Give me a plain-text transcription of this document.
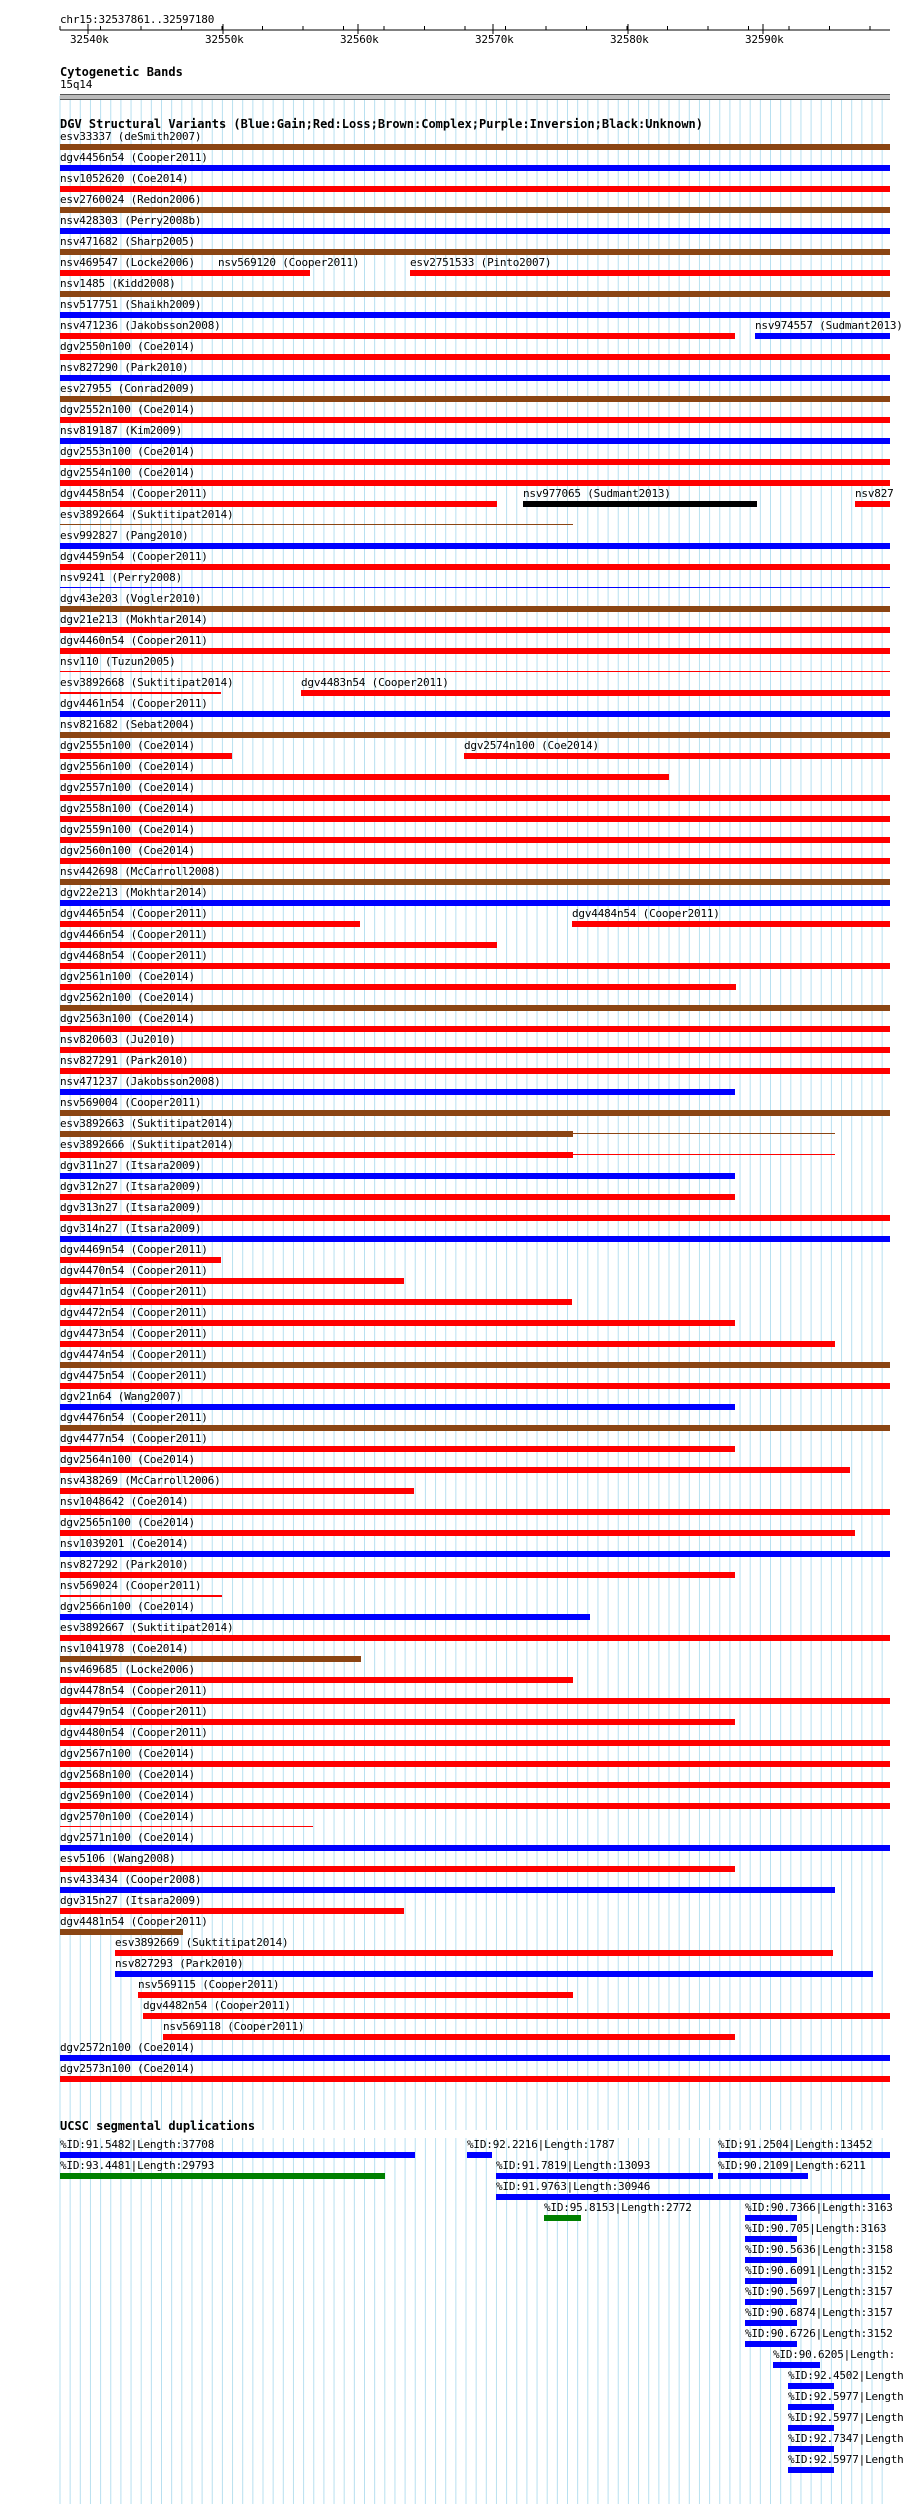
chr15:32537861..32597180
Cytogenetic Bands
15q14
DGV Structural Variants (Blue:Gain;Red:Loss;Brown:Complex;Purple:Inversion;Black:Unknown)
esv33337 (deSmith2007)
dgv4456n54 (Cooper2011)
nsv1052620 (Coe2014)
esv2760024 (Redon2006)
nsv428303 (Perry2008b)
nsv471682 (Sharp2005)
nsv469547 (Locke2006) nsv569120 (Cooper2011)	esv2751533 (Pinto2007)
nsv1485 (Kidd2008)
nsv517751 (Shaikh2009)
nsv471236 (Jakobsson2008)	nsv974557 (Sudmant2013)
dgv2550n100 (Coe2014)
nsv827290 (Park2010)
esv27955 (Conrad2009)
dgv2552n100 (Coe2014)
nsv819187 (Kim2009)
dgv2553n100 (Coe2014)
dgv2554n100 (Coe2014)
dgv4458n54 (Cooper2011)	nsv977065 (Sudmant2013)	nsv827
esv3892664 (Suktitipat2014)
esv992827 (Pang2010)
dgv4459n54 (Cooper2011)
nsv9241 (Perry2008)
dgv43e203 (Vogler2010)
dgv21e213 (Mokhtar2014)
dgv4460n54 (Cooper2011)
nsv110 (Tuzun2005)
esv3892668 (Suktitipat2014)	dgv4483n54 (Cooper2011)
dgv4461n54 (Cooper2011)
nsv821682 (Sebat2004)
dgv2555n100 (Coe2014)	dgv2574n100 (Coe2014)
dgv2556n100 (Coe2014)
dgv2557n100 (Coe2014)
dgv2558n100 (Coe2014)
dgv2559n100 (Coe2014)
dgv2560n100 (Coe2014)
nsv442698 (McCarroll2008)
dgv22e213 (Mokhtar2014)
dgv4465n54 (Cooper2011)	dgv4484n54 (Cooper2011)
dgv4466n54 (Cooper2011)
dgv4468n54 (Cooper2011)
dgv2561n100 (Coe2014)
dgv2562n100 (Coe2014)
dgv2563n100 (Coe2014)
nsv820603 (Ju2010)
nsv827291 (Park2010)
nsv471237 (Jakobsson2008)
nsv569004 (Cooper2011)
esv3892663 (Suktitipat2014)
esv3892666 (Suktitipat2014)
dgv311n27 (Itsara2009)
dgv312n27 (Itsara2009)
dgv313n27 (Itsara2009)
dgv314n27 (Itsara2009)
dgv4469n54 (Cooper2011)
dgv4470n54 (Cooper2011)
dgv4471n54 (Cooper2011)
dgv4472n54 (Cooper2011)
dgv4473n54 (Cooper2011)
dgv4474n54 (Cooper2011)
dgv4475n54 (Cooper2011)
dgv21n64 (Wang2007)
dgv4476n54 (Cooper2011)
dgv4477n54 (Cooper2011)
dgv2564n100 (Coe2014)
nsv438269 (McCarroll2006)
nsv1048642 (Coe2014)
dgv2565n100 (Coe2014)
nsv1039201 (Coe2014)
nsv827292 (Park2010)
nsv569024 (Cooper2011)
dgv2566n100 (Coe2014)
esv3892667 (Suktitipat2014)
nsv1041978 (Coe2014)
nsv469685 (Locke2006)
dgv4478n54 (Cooper2011)
dgv4479n54 (Cooper2011)
dgv4480n54 (Cooper2011)
dgv2567n100 (Coe2014)
dgv2568n100 (Coe2014)
dgv2569n100 (Coe2014)
dgv2570n100 (Coe2014)
dgv2571n100 (Coe2014)
esv5106 (Wang2008)
nsv433434 (Cooper2008)
dgv315n27 (Itsara2009)
dgv4481n54 (Cooper2011)
esv3892669 (Suktitipat2014)
nsv827293 (Park2010)
nsv569115 (Cooper2011)
dgv4482n54 (Cooper2011)
nsv569118 (Cooper2011)
dgv2572n100 (Coe2014)
dgv2573n100 (Coe2014)
UCSC segmental duplications
%ID:91.5482|Length:37708	%ID:92.2216|Length:1787	%ID:91.2504|Length:13452
%ID:93.4481|Length:29793	%ID:91.7819|Length:13093	%ID:90.2109|Length:6211
%ID:91.9763|Length:30946
%ID:95.8153|Length:2772	%ID:90.7366|Length:3163
%ID:90.705|Length:3163
%ID:90.5636|Length:3158
%ID:90.6091|Length:3152
%ID:90.5697|Length:3157
%ID:90.6874|Length:3157
%ID:90.6726|Length:3152
%ID:90.6205|Length:
%ID:92.4502|Length
%ID:92.5977|Length
%ID:92.5977|Length
%ID:92.7347|Length
%ID:92.5977|Length
32540k	32550k	32560k	32570k	32580k	32590k
